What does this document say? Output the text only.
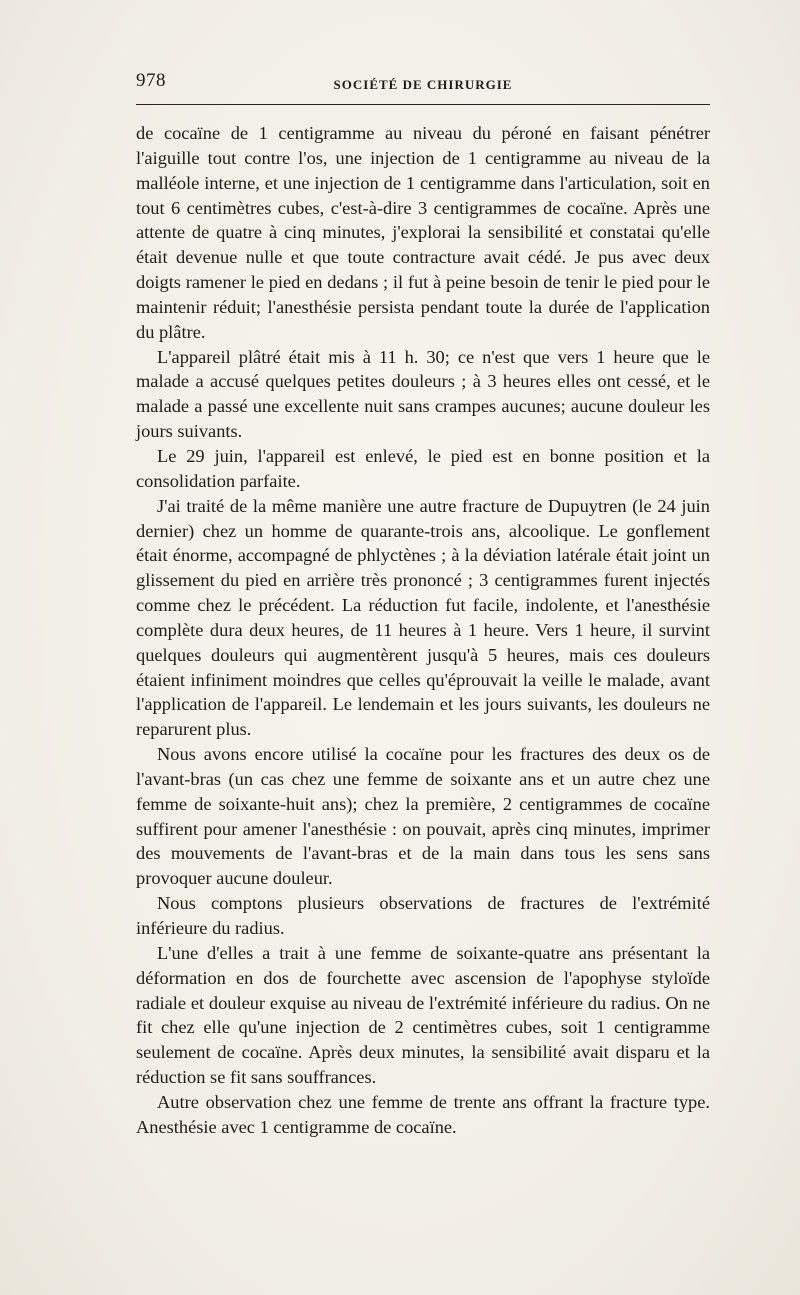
978	SOCIÉTÉ DE CHIRURGIE

de cocaïne de 1 centigramme au niveau du péroné en faisant pénétrer l'aiguille tout contre l'os, une injection de 1 centigramme au niveau de la malléole interne, et une injection de 1 centigramme dans l'articulation, soit en tout 6 centimètres cubes, c'est-à-dire 3 centigrammes de cocaïne. Après une attente de quatre à cinq minutes, j'explorai la sensibilité et constatai qu'elle était devenue nulle et que toute contracture avait cédé. Je pus avec deux doigts ramener le pied en dedans ; il fut à peine besoin de tenir le pied pour le maintenir réduit; l'anesthésie persista pendant toute la durée de l'application du plâtre.

L'appareil plâtré était mis à 11 h. 30; ce n'est que vers 1 heure que le malade a accusé quelques petites douleurs ; à 3 heures elles ont cessé, et le malade a passé une excellente nuit sans crampes aucunes; aucune douleur les jours suivants.

Le 29 juin, l'appareil est enlevé, le pied est en bonne position et la consolidation parfaite.

J'ai traité de la même manière une autre fracture de Dupuytren (le 24 juin dernier) chez un homme de quarante-trois ans, alcoolique. Le gonflement était énorme, accompagné de phlyctènes ; à la déviation latérale était joint un glissement du pied en arrière très prononcé ; 3 centigrammes furent injectés comme chez le précédent. La réduction fut facile, indolente, et l'anesthésie complète dura deux heures, de 11 heures à 1 heure. Vers 1 heure, il survint quelques douleurs qui augmentèrent jusqu'à 5 heures, mais ces douleurs étaient infiniment moindres que celles qu'éprouvait la veille le malade, avant l'application de l'appareil. Le lendemain et les jours suivants, les douleurs ne reparurent plus.

Nous avons encore utilisé la cocaïne pour les fractures des deux os de l'avant-bras (un cas chez une femme de soixante ans et un autre chez une femme de soixante-huit ans); chez la première, 2 centigrammes de cocaïne suffirent pour amener l'anesthésie : on pouvait, après cinq minutes, imprimer des mouvements de l'avant-bras et de la main dans tous les sens sans provoquer aucune douleur.

Nous comptons plusieurs observations de fractures de l'extrémité inférieure du radius.

L'une d'elles a trait à une femme de soixante-quatre ans présentant la déformation en dos de fourchette avec ascension de l'apophyse styloïde radiale et douleur exquise au niveau de l'extrémité inférieure du radius. On ne fit chez elle qu'une injection de 2 centimètres cubes, soit 1 centigramme seulement de cocaïne. Après deux minutes, la sensibilité avait disparu et la réduction se fit sans souffrances.

Autre observation chez une femme de trente ans offrant la fracture type. Anesthésie avec 1 centigramme de cocaïne.
